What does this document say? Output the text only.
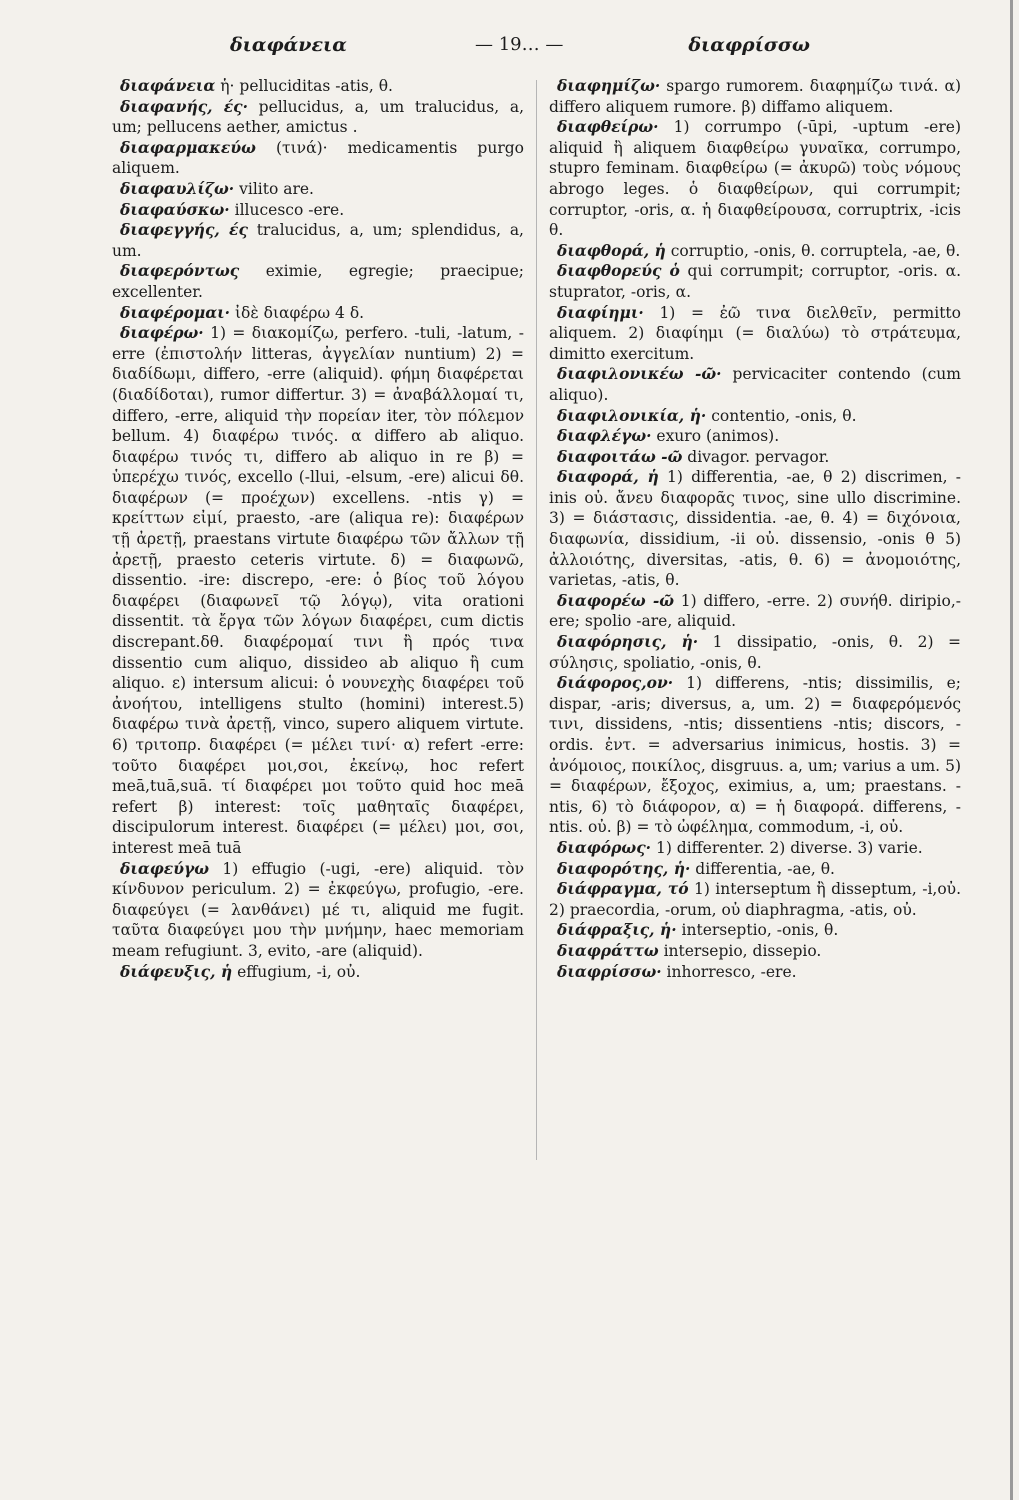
διαφάνεια	— 19… —	διαφρίσσω

διαφάνεια ἡ· pelluciditas -atis, θ.

διαφανής, ές· pellucidus, a, um tralucidus, a, um; pellucens aether, amictus .

διαφαρμακεύω (τινά)· medicamentis purgo aliquem.

διαφαυλίζω· vilito are.

διαφαύσκω· illucesco -ere.

διαφεγγής, ές tralucidus, a, um; splendidus, a, um.

διαφερόντως eximie, egregie; praecipue; excellenter.

διαφέρομαι· ἰδὲ διαφέρω 4 δ.

διαφέρω· 1) = διακομίζω, perfero. -tuli, -latum, -erre (ἐπιστολήν litteras, ἀγγελίαν nuntium) 2) = διαδίδωμι, differo, -erre (aliquid). φήμη διαφέρεται (διαδίδοται), rumor differtur. 3) = ἀναβάλλομαί τι, differo, -erre, aliquid τὴν πορείαν iter, τὸν πόλεμον bellum. 4) διαφέρω τινός. α differo ab aliquo. διαφέρω τινός τι, differo ab aliquo in re β) = ὑπερέχω τινός, excello (-llui, -elsum, -ere) alicui δθ. διαφέρων (= προέχων) excellens. -ntis γ) = κρείττων εἰμί, praesto, -are (aliqua re): διαφέρων τῇ ἀρετῇ, praestans virtute διαφέρω τῶν ἄλλων τῇ ἀρετῇ, praesto ceteris virtute. δ) = διαφωνῶ, dissentio. -ire: discrepo, -ere: ὁ βίος τοῦ λόγου διαφέρει (διαφωνεῖ τῷ λόγῳ), vita orationi dissentit. τὰ ἔργα τῶν λόγων διαφέρει, cum dictis discrepant.δθ. διαφέρομαί τινι ἢ πρός τινα dissentio cum aliquo, dissideo ab aliquo ἢ cum aliquo. ε) intersum alicui: ὁ νουνεχὴς διαφέρει τοῦ ἀνοήτου, intelligens stulto (homini) interest.5) διαφέρω τινὰ ἀρετῇ, vinco, supero aliquem virtute. 6) τριτοπρ. διαφέρει (= μέλει τινί· α) refert -erre: τοῦτο διαφέρει μοι,σοι, ἐκείνῳ, hoc refert meā,tuā,suā. τί διαφέρει μοι τοῦτο quid hoc meā refert β) interest: τοῖς μαθηταῖς διαφέρει, discipulorum interest. διαφέρει (= μέλει) μοι, σοι, interest meā tuā

διαφεύγω 1) effugio (-ugi, -ere) aliquid. τὸν κίνδυνον periculum. 2) = ἐκφεύγω, profugio, -ere. διαφεύγει (= λανθάνει) μέ τι, aliquid me fugit. ταῦτα διαφεύγει μου τὴν μνήμην, haec memoriam meam refugiunt. 3, evito, -are (aliquid).

διάφευξις, ἡ effugium, -i, οὐ.

διαφημίζω· spargo rumorem. διαφημίζω τινά. α) differo aliquem rumore. β) diffamo aliquem.

διαφθείρω· 1) corrumpo (-ūpi, -uptum -ere) aliquid ἢ aliquem διαφθείρω γυναῖκα, corrumpo, stupro feminam. διαφθείρω (= ἀκυρῶ) τοὺς νόμους abrogo leges. ὁ διαφθείρων, qui corrumpit; corruptor, -oris, α. ἡ διαφθείρουσα, corruptrix, -icis θ.

διαφθορά, ἡ corruptio, -onis, θ. corruptela, -ae, θ.

διαφθορεύς ὁ qui corrumpit; corruptor, -oris. α. stuprator, -oris, α.

διαφίημι· 1) = ἐῶ τινα διελθεῖν, permitto aliquem. 2) διαφίημι (= διαλύω) τὸ στράτευμα, dimitto exercitum.

διαφιλονικέω -ῶ· pervicaciter contendo (cum aliquo).

διαφιλονικία, ἡ· contentio, -onis, θ.

διαφλέγω· exuro (animos).

διαφοιτάω -ῶ divagor. pervagor.

διαφορά, ἡ 1) differentia, -ae, θ 2) discrimen, -inis οὐ. ἄνευ διαφορᾶς τινος, sine ullo discrimine. 3) = διάστασις, dissidentia. -ae, θ. 4) = διχόνοια, διαφωνία, dissidium, -ii οὐ. dissensio, -onis θ 5) ἀλλοιότης, diversitas, -atis, θ. 6) = ἀνομοιότης, varietas, -atis, θ.

διαφορέω -ῶ 1) differo, -erre. 2) συνήθ. diripio,-ere; spolio -are, aliquid.

διαφόρησις, ἡ· 1 dissipatio, -onis, θ. 2) = σύλησις, spoliatio, -onis, θ.

διάφορος,ον· 1) differens, -ntis; dissimilis, e; dispar, -aris; diversus, a, um. 2) = διαφερόμενός τινι, dissidens, -ntis; dissentiens -ntis; discors, -ordis. ἐντ. = adversarius inimicus, hostis. 3) = ἀνόμοιος, ποικίλος, disgruus. a, um; varius a um. 5) = διαφέρων, ἔξοχος, eximius, a, um; praestans. -ntis, 6) τὸ διάφορον, α) = ἡ διαφορά. differens, -ntis. οὐ. β) = τὸ ὠφέλημα, commodum, -i, οὐ.

διαφόρως· 1) differenter. 2) diverse. 3) varie.

διαφορότης, ἡ· differentia, -ae, θ.

διάφραγμα, τό 1) interseptum ἢ disseptum, -i,οὐ. 2) praecordia, -orum, οὐ diaphragma, -atis, οὐ.

διάφραξις, ἡ· interseptio, -onis, θ.

διαφράττω intersepio, dissepio.

διαφρίσσω· inhorresco, -ere.
